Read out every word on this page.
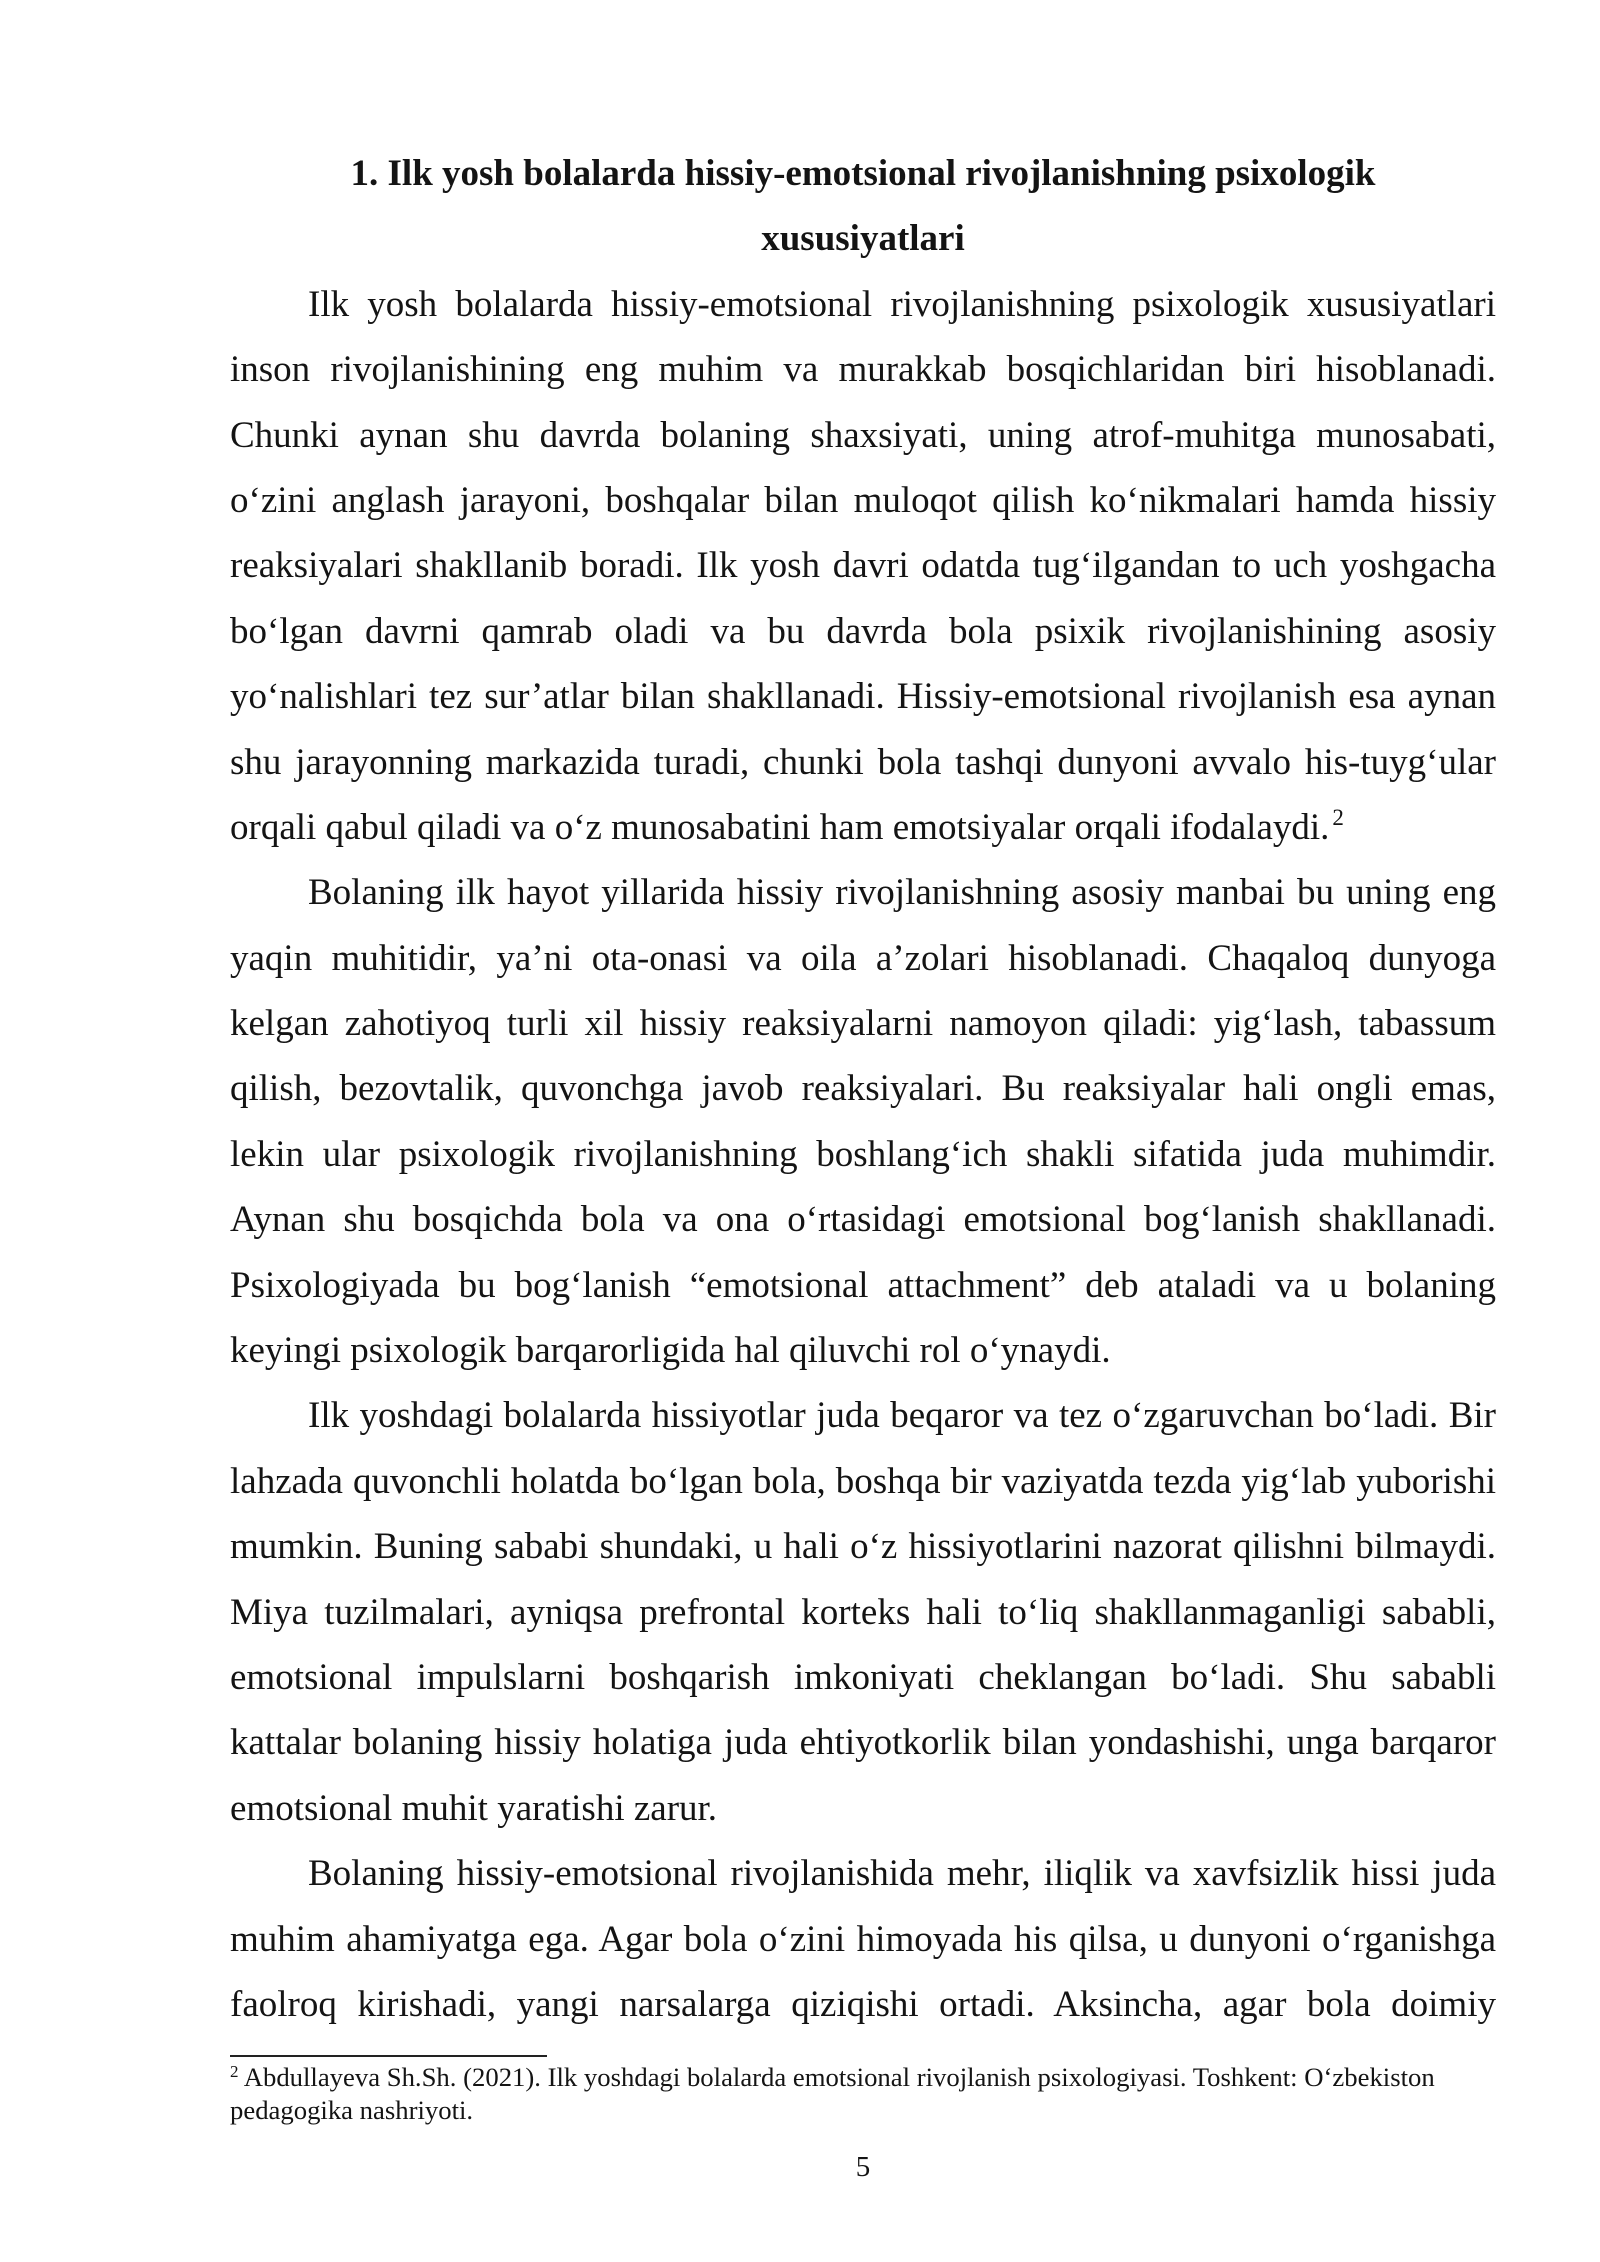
1. Ilk yosh bolalarda hissiy-emotsional rivojlanishning psixologik
xususiyatlari
Ilk yosh bolalarda hissiy-emotsional rivojlanishning psixologik xususiyatlari
inson rivojlanishining eng muhim va murakkab bosqichlaridan biri hisoblanadi.
Chunki aynan shu davrda bolaning shaxsiyati, uning atrof-muhitga munosabati,
o‘zini anglash jarayoni, boshqalar bilan muloqot qilish ko‘nikmalari hamda hissiy
reaksiyalari shakllanib boradi. Ilk yosh davri odatda tug‘ilgandan to uch yoshgacha
bo‘lgan davrni qamrab oladi va bu davrda bola psixik rivojlanishining asosiy
yo‘nalishlari tez sur’atlar bilan shakllanadi. Hissiy-emotsional rivojlanish esa aynan
shu jarayonning markazida turadi, chunki bola tashqi dunyoni avvalo his-tuyg‘ular
orqali qabul qiladi va o‘z munosabatini ham emotsiyalar orqali ifodalaydi. $^2$
Bolaning ilk hayot yillarida hissiy rivojlanishning asosiy manbai bu uning eng
yaqin muhitidir, ya’ni ota-onasi va oila a’zolari hisoblanadi. Chaqaloq dunyoga
kelgan zahotiyoq turli xil hissiy reaksiyalarni namoyon qiladi: yig‘lash, tabassum
qilish, bezovtalik, quvonchga javob reaksiyalari. Bu reaksiyalar hali ongli emas,
lekin ular psixologik rivojlanishning boshlang‘ich shakli sifatida juda muhimdir.
Aynan shu bosqichda bola va ona o‘rtasidagi emotsional bog‘lanish shakllanadi.
Psixologiyada bu bog‘lanish “emotsional attachment” deb ataladi va u bolaning
keyingi psixologik barqarorligida hal qiluvchi rol o‘ynaydi.
Ilk yoshdagi bolalarda hissiyotlar juda beqaror va tez o‘zgaruvchan bo‘ladi. Bir
lahzada quvonchli holatda bo‘lgan bola, boshqa bir vaziyatda tezda yig‘lab yuborishi
mumkin. Buning sababi shundaki, u hali o‘z hissiyotlarini nazorat qilishni bilmaydi.
Miya tuzilmalari, ayniqsa prefrontal korteks hali to‘liq shakllanmaganligi sababli,
emotsional impulslarni boshqarish imkoniyati cheklangan bo‘ladi. Shu sababli
kattalar bolaning hissiy holatiga juda ehtiyotkorlik bilan yondashishi, unga barqaror
emotsional muhit yaratishi zarur.
Bolaning hissiy-emotsional rivojlanishida mehr, iliqlik va xavfsizlik hissi juda
muhim ahamiyatga ega. Agar bola o‘zini himoyada his qilsa, u dunyoni o‘rganishga
faolroq kirishadi, yangi narsalarga qiziqishi ortadi. Aksincha, agar bola doimiy
$^2$ Abdullayeva Sh.Sh. (2021). Ilk yoshdagi bolalarda emotsional rivojlanish psixologiyasi. Toshkent: O‘zbekiston
pedagogika nashriyoti.
5
